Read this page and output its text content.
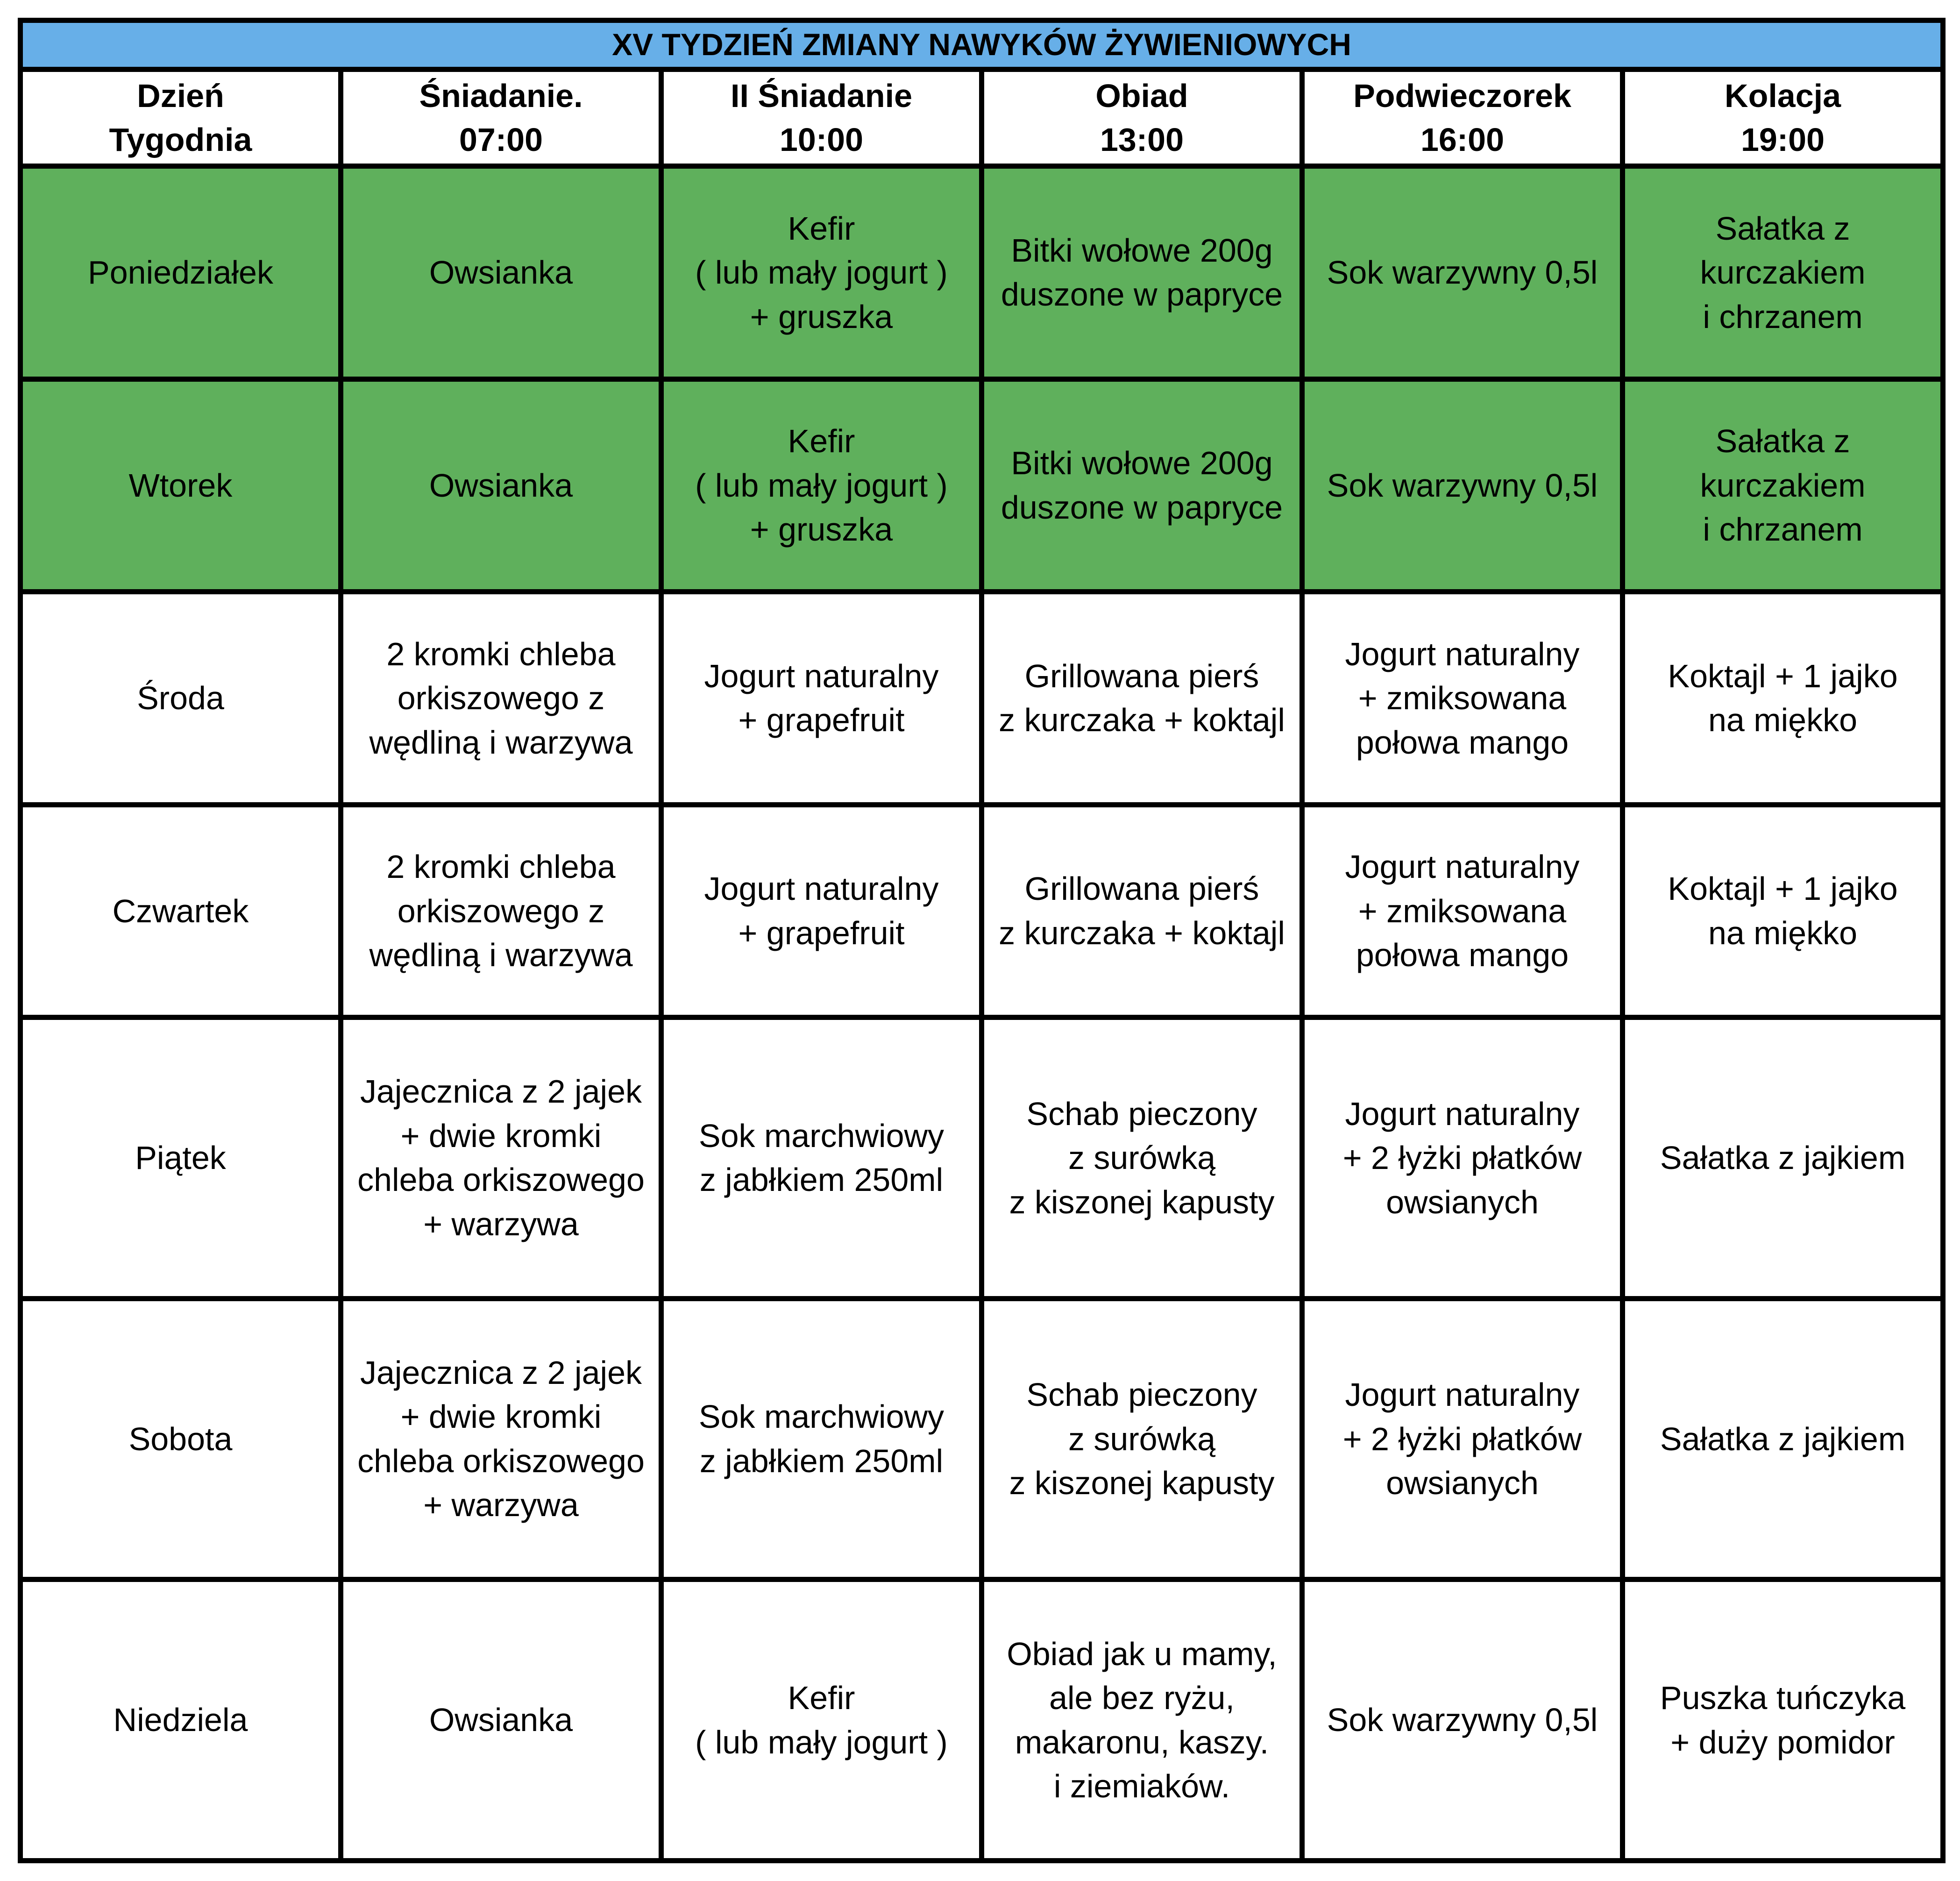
XV TYDZIEŃ ZMIANY NAWYKÓW ŻYWIENIOWYCH					
Dzień
Tygodnia	Śniadanie.
07:00	II Śniadanie
10:00	Obiad
13:00	Podwieczorek
16:00	Kolacja
19:00
Poniedziałek	Owsianka	Kefir
( lub mały jogurt )
+ gruszka	Bitki wołowe 200g
duszone w papryce	Sok warzywny 0,5l	Sałatka z
kurczakiem
i chrzanem
Wtorek	Owsianka	Kefir
( lub mały jogurt )
+ gruszka	Bitki wołowe 200g
duszone w papryce	Sok warzywny 0,5l	Sałatka z
kurczakiem
i chrzanem
Środa	2 kromki chleba
orkiszowego z
wędliną i warzywa	Jogurt naturalny
+ grapefruit	Grillowana pierś
z kurczaka + koktajl	Jogurt naturalny
+ zmiksowana
połowa mango	Koktajl + 1 jajko
na miękko
Czwartek	2 kromki chleba
orkiszowego z
wędliną i warzywa	Jogurt naturalny
+ grapefruit	Grillowana pierś
z kurczaka + koktajl	Jogurt naturalny
+ zmiksowana
połowa mango	Koktajl + 1 jajko
na miękko
Piątek	Jajecznica z 2 jajek
+ dwie kromki
chleba orkiszowego
+ warzywa	Sok marchwiowy
z jabłkiem 250ml	Schab pieczony
z surówką
z kiszonej kapusty	Jogurt naturalny
+ 2 łyżki płatków
owsianych	Sałatka z jajkiem
Sobota	Jajecznica z 2 jajek
+ dwie kromki
chleba orkiszowego
+ warzywa	Sok marchwiowy
z jabłkiem 250ml	Schab pieczony
z surówką
z kiszonej kapusty	Jogurt naturalny
+ 2 łyżki płatków
owsianych	Sałatka z jajkiem
Niedziela	Owsianka	Kefir
( lub mały jogurt )	Obiad jak u mamy,
ale bez ryżu,
makaronu, kaszy.
i ziemiaków.	Sok warzywny 0,5l	Puszka tuńczyka
+ duży pomidor
